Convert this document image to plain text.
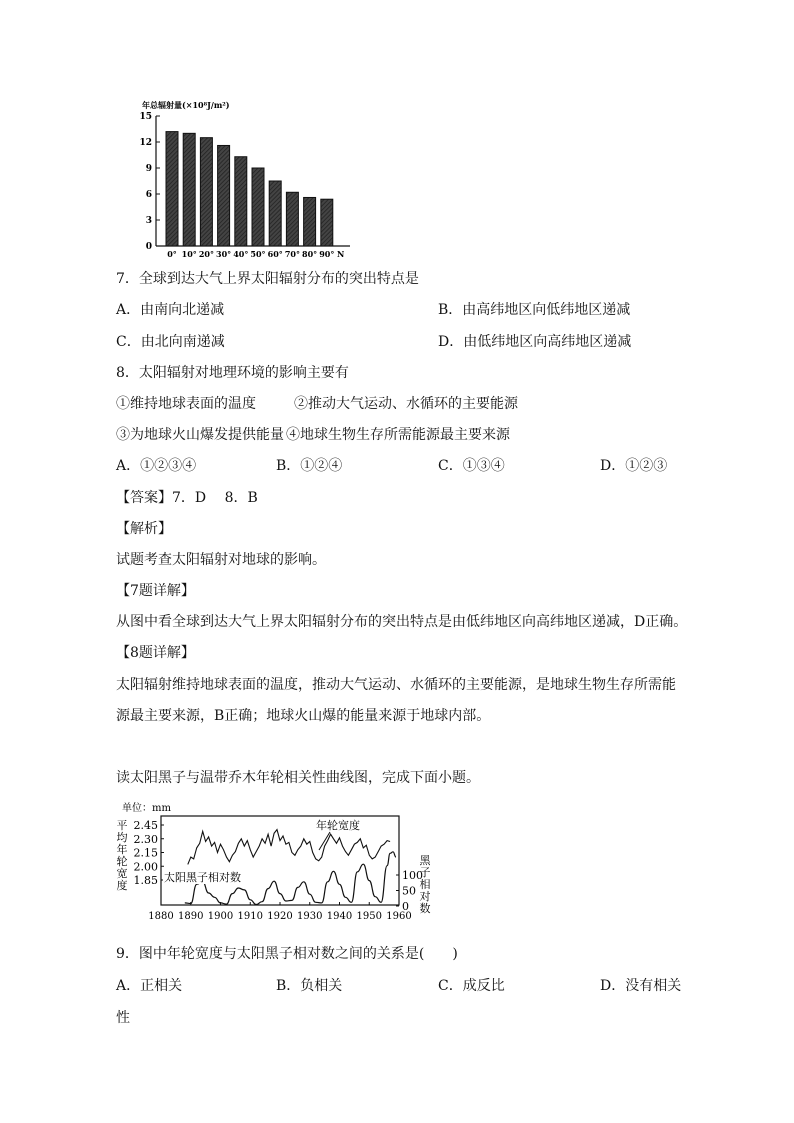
年总辐射量(×10⁸J/m²)
0
3
6
9
12
15
0° 10° 20° 30° 40° 50° 60° 70° 80° 90° N
7．全球到达大气上界太阳辐射分布的突出特点是
A．由南向北递减	B．由高纬地区向低纬地区递减
C．由北向南递减	D．由低纬地区向高纬地区递减
8．太阳辐射对地理环境的影响主要有
①维持地球表面的温度	②推动大气运动、水循环的主要能源
③为地球火山爆发提供能量 ④地球生物生存所需能源最主要来源
A．①②③④	B．①②④	C．①③④	D．①②③
【答案】7．D　 8．B
【解析】
试题考查太阳辐射对地球的影响。
【7题详解】
从图中看全球到达大气上界太阳辐射分布的突出特点是由低纬地区向高纬地区递减，D正确。
【8题详解】
太阳辐射维持地球表面的温度，推动大气运动、水循环的主要能源，是地球生物生存所需能
源最主要来源，B正确；地球火山爆的能量来源于地球内部。
读太阳黑子与温带乔木年轮相关性曲线图，完成下面小题。
单位：mm
平
均
年
轮
宽
度
黑
子
相
对
数
1880 1890 1900 1910 1920 1930 1940 1950 1960
2.45
2.30
2.15
2.00
1.85	100
50
0
年轮宽度
太阳黑子相对数
9．图中年轮宽度与太阳黑子相对数之间的关系是(　　)
A．正相关	B．负相关	C．成反比	D．没有相关
性
